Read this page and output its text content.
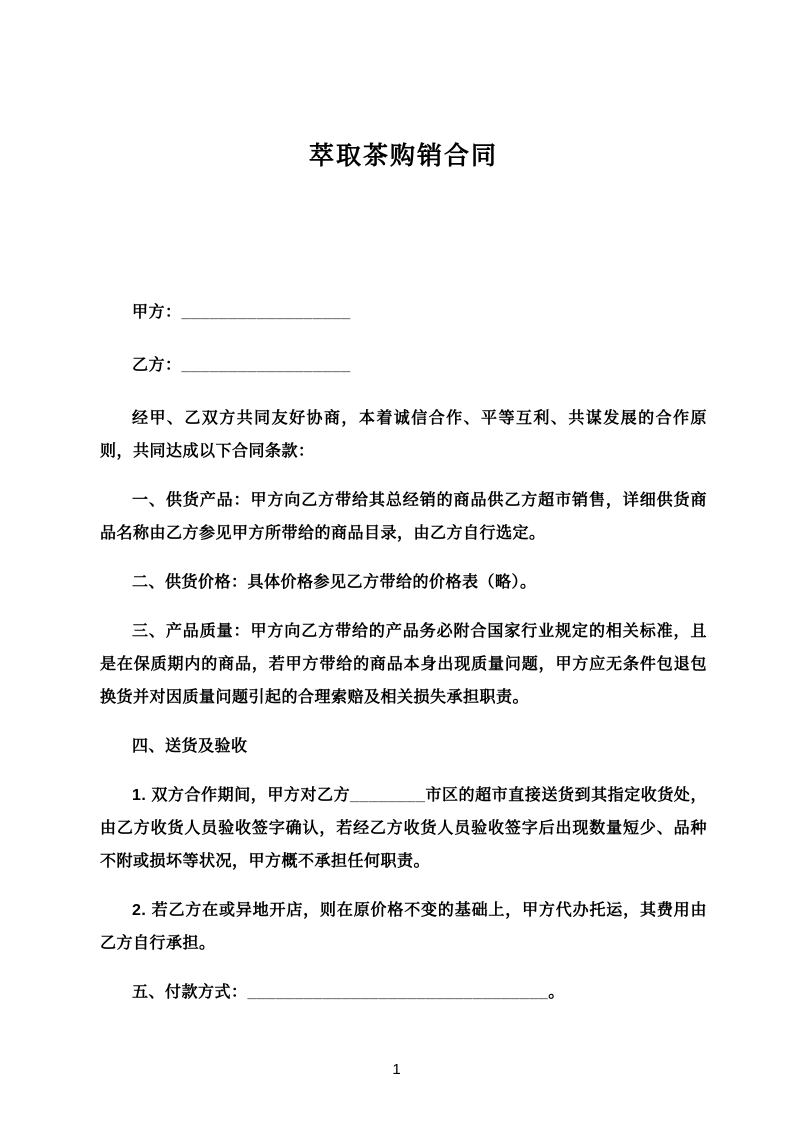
萃取茶购销合同

甲方：__________________

乙方：__________________

经甲、乙双方共同友好协商，本着诚信合作、平等互利、共谋发展的合作原则，共同达成以下合同条款：

一、供货产品：甲方向乙方带给其总经销的商品供乙方超市销售，详细供货商品名称由乙方参见甲方所带给的商品目录，由乙方自行选定。

二、供货价格：具体价格参见乙方带给的价格表（略）。

三、产品质量：甲方向乙方带给的产品务必附合国家行业规定的相关标准，且是在保质期内的商品，若甲方带给的商品本身出现质量问题，甲方应无条件包退包换货并对因质量问题引起的合理索赔及相关损失承担职责。

四、送货及验收

1. 双方合作期间，甲方对乙方________市区的超市直接送货到其指定收货处，由乙方收货人员验收签字确认，若经乙方收货人员验收签字后出现数量短少、品种不附或损坏等状况，甲方概不承担任何职责。

2. 若乙方在或异地开店，则在原价格不变的基础上，甲方代办托运，其费用由乙方自行承担。

五、付款方式：________________________________。

1
